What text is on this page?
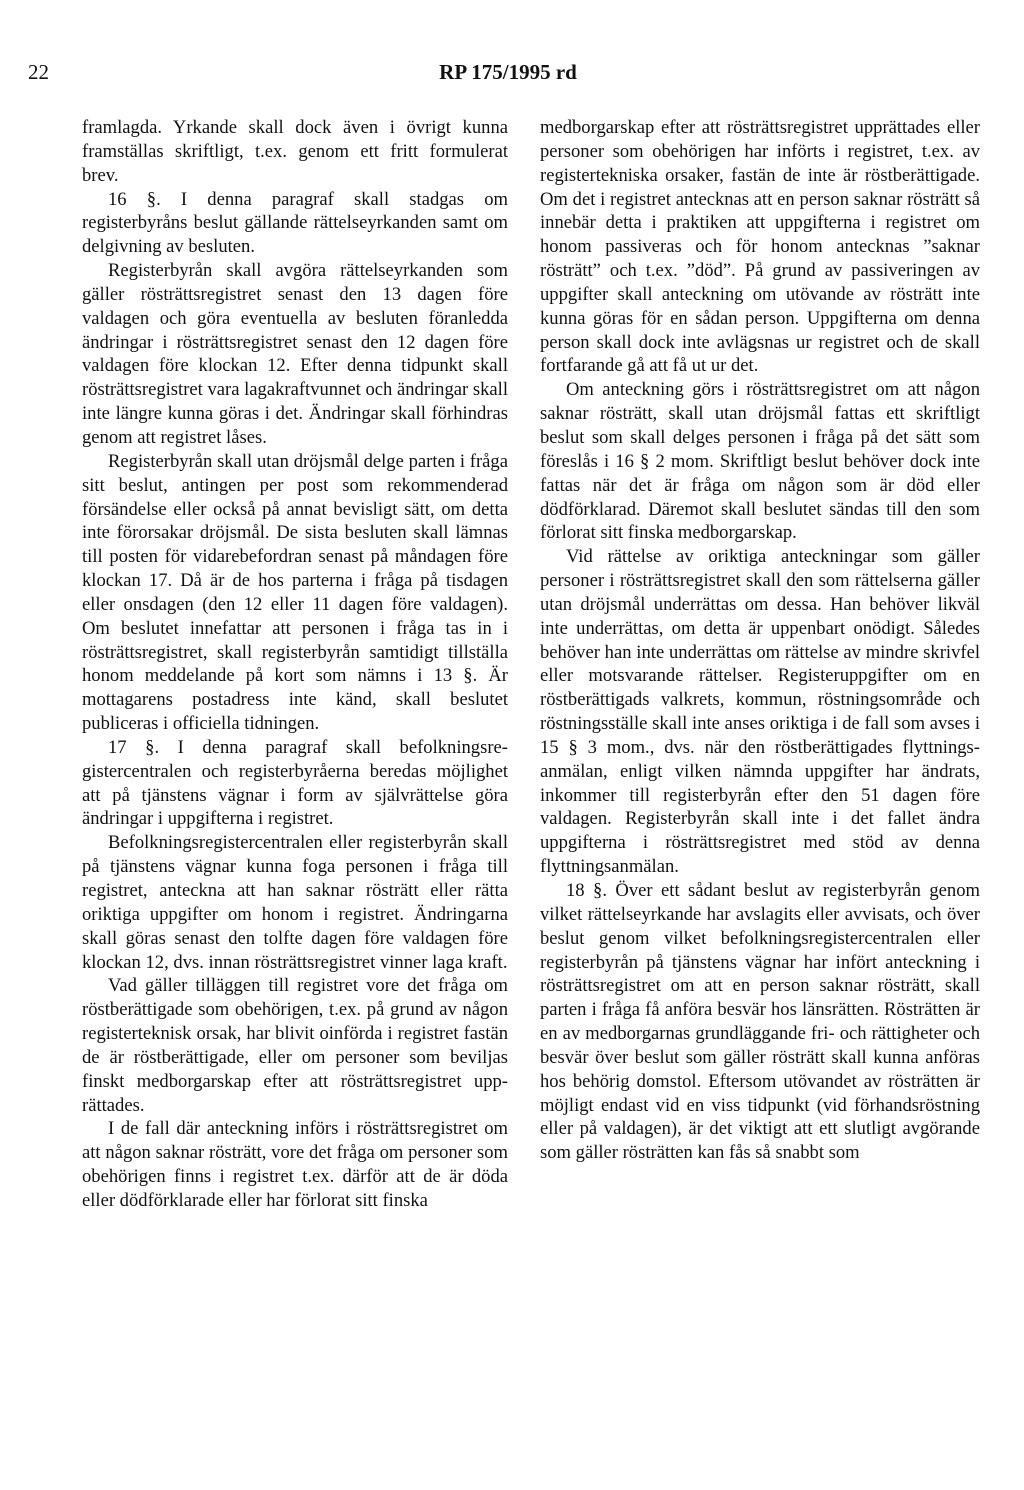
22	RP 175/1995 rd

framlagda. Yrkande skall dock även i övrigt kunna framställas skriftligt, t.ex. genom ett fritt formulerat brev.

16 §. I denna paragraf skall stadgas om registerbyråns beslut gällande rättelseyrkanden samt om delgivning av besluten.

Registerbyrån skall avgöra rättelseyrkanden som gäller rösträttsregistret senast den 13 dagen före valdagen och göra eventuella av besluten föranledda ändringar i rösträttsregistret senast den 12 dagen före valdagen före klockan 12. Efter denna tidpunkt skall rösträttsregistret vara lagakraftvunnet och ändringar skall inte längre kunna göras i det. Ändringar skall förhindras genom att registret låses.

Registerbyrån skall utan dröjsmål delge parten i fråga sitt beslut, antingen per post som rekommenderad försändelse eller också på annat bevisligt sätt, om detta inte förorsakar dröjsmål. De sista besluten skall lämnas till posten för vidarebefordran senast på måndagen före klockan 17. Då är de hos parterna i fråga på tisdagen eller onsdagen (den 12 eller 11 dagen före valdagen). Om beslutet innefattar att personen i fråga tas in i rösträttsregistret, skall registerbyrån samtidigt tillställa honom meddelande på kort som nämns i 13 §. Är mottagarens postadress inte känd, skall beslutet publiceras i officiella tidningen.

17 §. I denna paragraf skall befolkningsregistercentralen och registerbyråerna beredas möjlighet att på tjänstens vägnar i form av självrättelse göra ändringar i uppgifterna i registret.

Befolkningsregistercentralen eller registerbyrån skall på tjänstens vägnar kunna foga personen i fråga till registret, anteckna att han saknar rösträtt eller rätta oriktiga uppgifter om honom i registret. Ändringarna skall göras senast den tolfte dagen före valdagen före klockan 12, dvs. innan rösträttsregistret vinner laga kraft.

Vad gäller tilläggen till registret vore det fråga om röstberättigade som obehörigen, t.ex. på grund av någon registerteknisk orsak, har blivit oinförda i registret fastän de är röstberättigade, eller om personer som beviljas finskt medborgarskap efter att rösträttsregistret upprättades.

I de fall där anteckning införs i rösträttsregistret om att någon saknar rösträtt, vore det fråga om personer som obehörigen finns i registret t.ex. därför att de är döda eller dödförklarade eller har förlorat sitt finska

medborgarskap efter att rösträttsregistret upprättades eller personer som obehörigen har införts i registret, t.ex. av registertekniska orsaker, fastän de inte är röstberättigade. Om det i registret antecknas att en person saknar rösträtt så innebär detta i praktiken att uppgifterna i registret om honom passiveras och för honom antecknas ”saknar rösträtt” och t.ex. ”död”. På grund av passiveringen av uppgifter skall anteckning om utövande av rösträtt inte kunna göras för en sådan person. Uppgifterna om denna person skall dock inte avlägsnas ur registret och de skall fortfarande gå att få ut ur det.

Om anteckning görs i rösträttsregistret om att någon saknar rösträtt, skall utan dröjsmål fattas ett skriftligt beslut som skall delges personen i fråga på det sätt som föreslås i 16 § 2 mom. Skriftligt beslut behöver dock inte fattas när det är fråga om någon som är död eller dödförklarad. Däremot skall beslutet sändas till den som förlorat sitt finska medborgarskap.

Vid rättelse av oriktiga anteckningar som gäller personer i rösträttsregistret skall den som rättelserna gäller utan dröjsmål underrättas om dessa. Han behöver likväl inte underrättas, om detta är uppenbart onödigt. Således behöver han inte underrättas om rättelse av mindre skrivfel eller motsvarande rättelser. Registeruppgifter om en röstberättigads valkrets, kommun, röstningsområde och röstningsställe skall inte anses oriktiga i de fall som avses i 15 § 3 mom., dvs. när den röstberättigades flyttningsanmälan, enligt vilken nämnda uppgifter har ändrats, inkommer till registerbyrån efter den 51 dagen före valdagen. Registerbyrån skall inte i det fallet ändra uppgifterna i rösträttsregistret med stöd av denna flyttningsanmälan.

18 §. Över ett sådant beslut av registerbyrån genom vilket rättelseyrkande har avslagits eller avvisats, och över beslut genom vilket befolkningsregistercentralen eller registerbyrån på tjänstens vägnar har infört anteckning i rösträttsregistret om att en person saknar rösträtt, skall parten i fråga få anföra besvär hos länsrätten. Rösträtten är en av medborgarnas grundläggande fri- och rättigheter och besvär över beslut som gäller rösträtt skall kunna anföras hos behörig domstol. Eftersom utövandet av rösträtten är möjligt endast vid en viss tidpunkt (vid förhandsröstning eller på valdagen), är det viktigt att ett slutligt avgörande som gäller rösträtten kan fås så snabbt som
